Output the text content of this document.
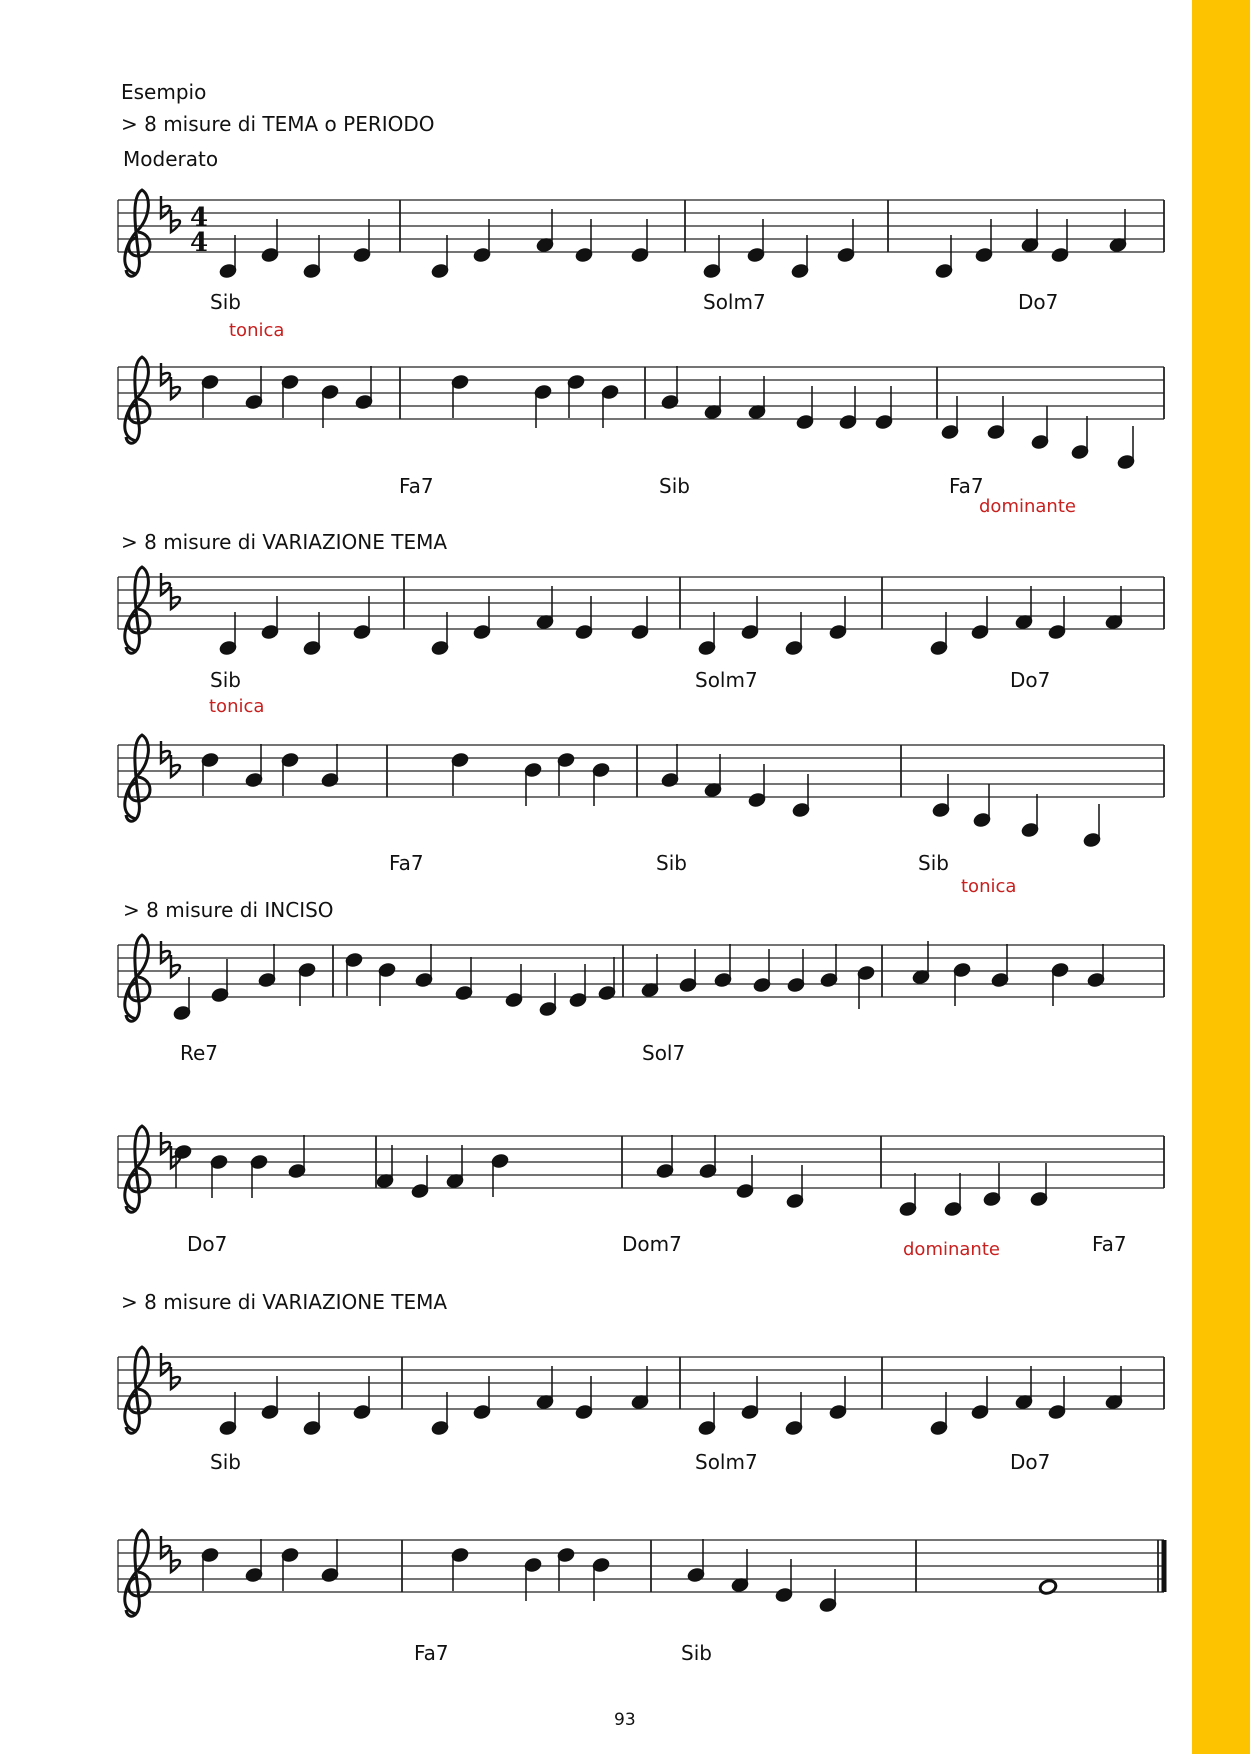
Esempio
> 8 misure di TEMA o PERIODO
Moderato
Sib	Solm7	Do7
tonica
Fa7	Sib	Fa7
dominante
> 8 misure di VARIAZIONE TEMA
Sib	Solm7	Do7
tonica
Fa7	Sib	Sib
tonica
> 8 misure di INCISO
Re7	Sol7
Do7	Dom7	Fa7
dominante
> 8 misure di VARIAZIONE TEMA
Sib	Solm7	Do7
Fa7	Sib
93
4
4
